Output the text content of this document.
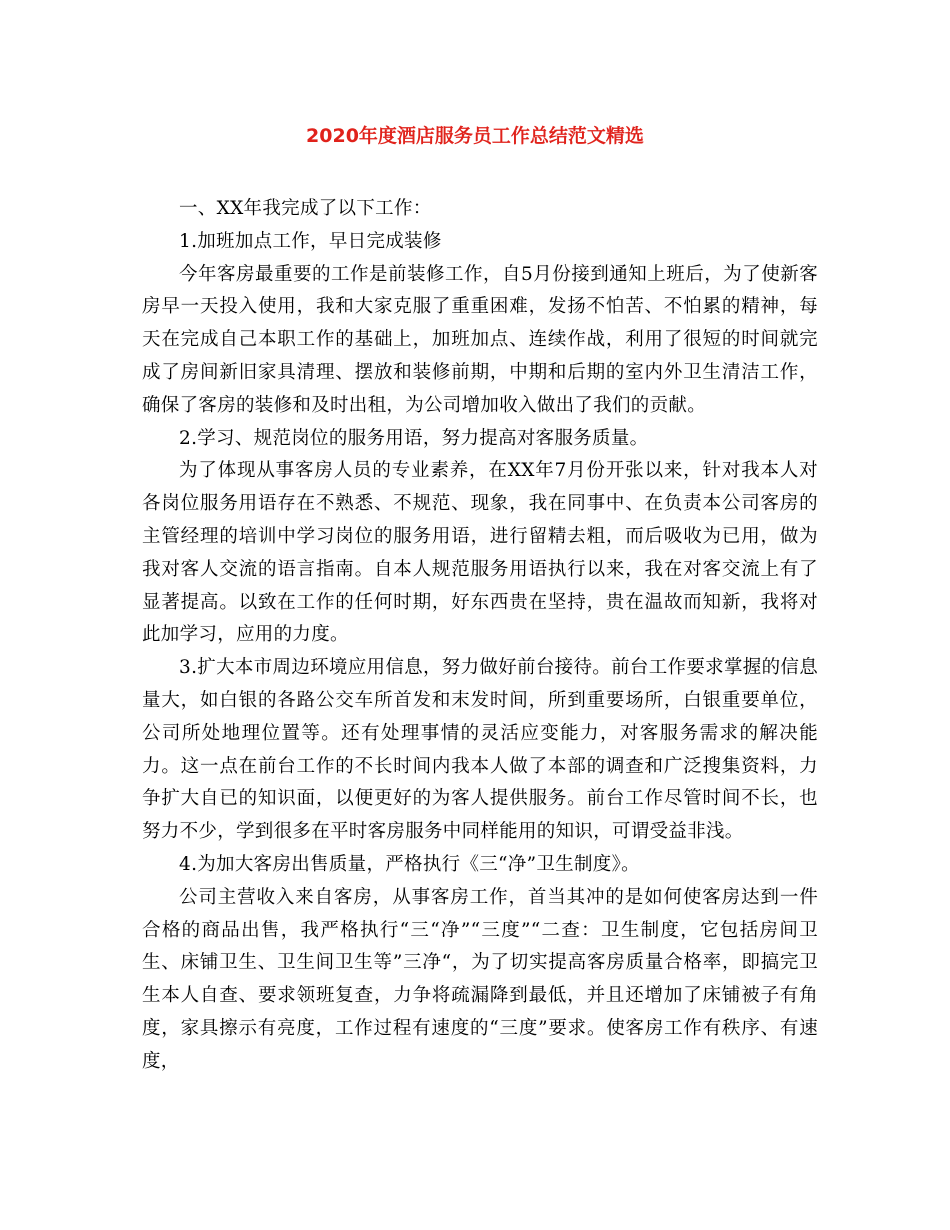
2020年度酒店服务员工作总结范文精选

一、XX年我完成了以下工作：

1.加班加点工作，早日完成装修

今年客房最重要的工作是前装修工作，自5月份接到通知上班后，为了使新客房早一天投入使用，我和大家克服了重重困难，发扬不怕苦、不怕累的精神，每天在完成自己本职工作的基础上，加班加点、连续作战，利用了很短的时间就完成了房间新旧家具清理、摆放和装修前期，中期和后期的室内外卫生清洁工作，确保了客房的装修和及时出租，为公司增加收入做出了我们的贡献。

2.学习、规范岗位的服务用语，努力提高对客服务质量。

为了体现从事客房人员的专业素养，在XX年7月份开张以来，针对我本人对各岗位服务用语存在不熟悉、不规范、现象，我在同事中、在负责本公司客房的主管经理的培训中学习岗位的服务用语，进行留精去粗，而后吸收为已用，做为我对客人交流的语言指南。自本人规范服务用语执行以来，我在对客交流上有了显著提高。以致在工作的任何时期，好东西贵在坚持，贵在温故而知新，我将对此加学习，应用的力度。

3.扩大本市周边环境应用信息，努力做好前台接待。前台工作要求掌握的信息量大，如白银的各路公交车所首发和末发时间，所到重要场所，白银重要单位，公司所处地理位置等。还有处理事情的灵活应变能力，对客服务需求的解决能力。这一点在前台工作的不长时间内我本人做了本部的调查和广泛搜集资料，力争扩大自已的知识面，以便更好的为客人提供服务。前台工作尽管时间不长，也努力不少，学到很多在平时客房服务中同样能用的知识，可谓受益非浅。

4.为加大客房出售质量，严格执行《三“净”卫生制度》。

公司主营收入来自客房，从事客房工作，首当其冲的是如何使客房达到一件合格的商品出售，我严格执行“三“净”“三度”“二查：卫生制度，它包括房间卫生、床铺卫生、卫生间卫生等”三净“，为了切实提高客房质量合格率，即搞完卫生本人自查、要求领班复查，力争将疏漏降到最低，并且还增加了床铺被子有角度，家具擦示有亮度，工作过程有速度的“三度”要求。使客房工作有秩序、有速度，
